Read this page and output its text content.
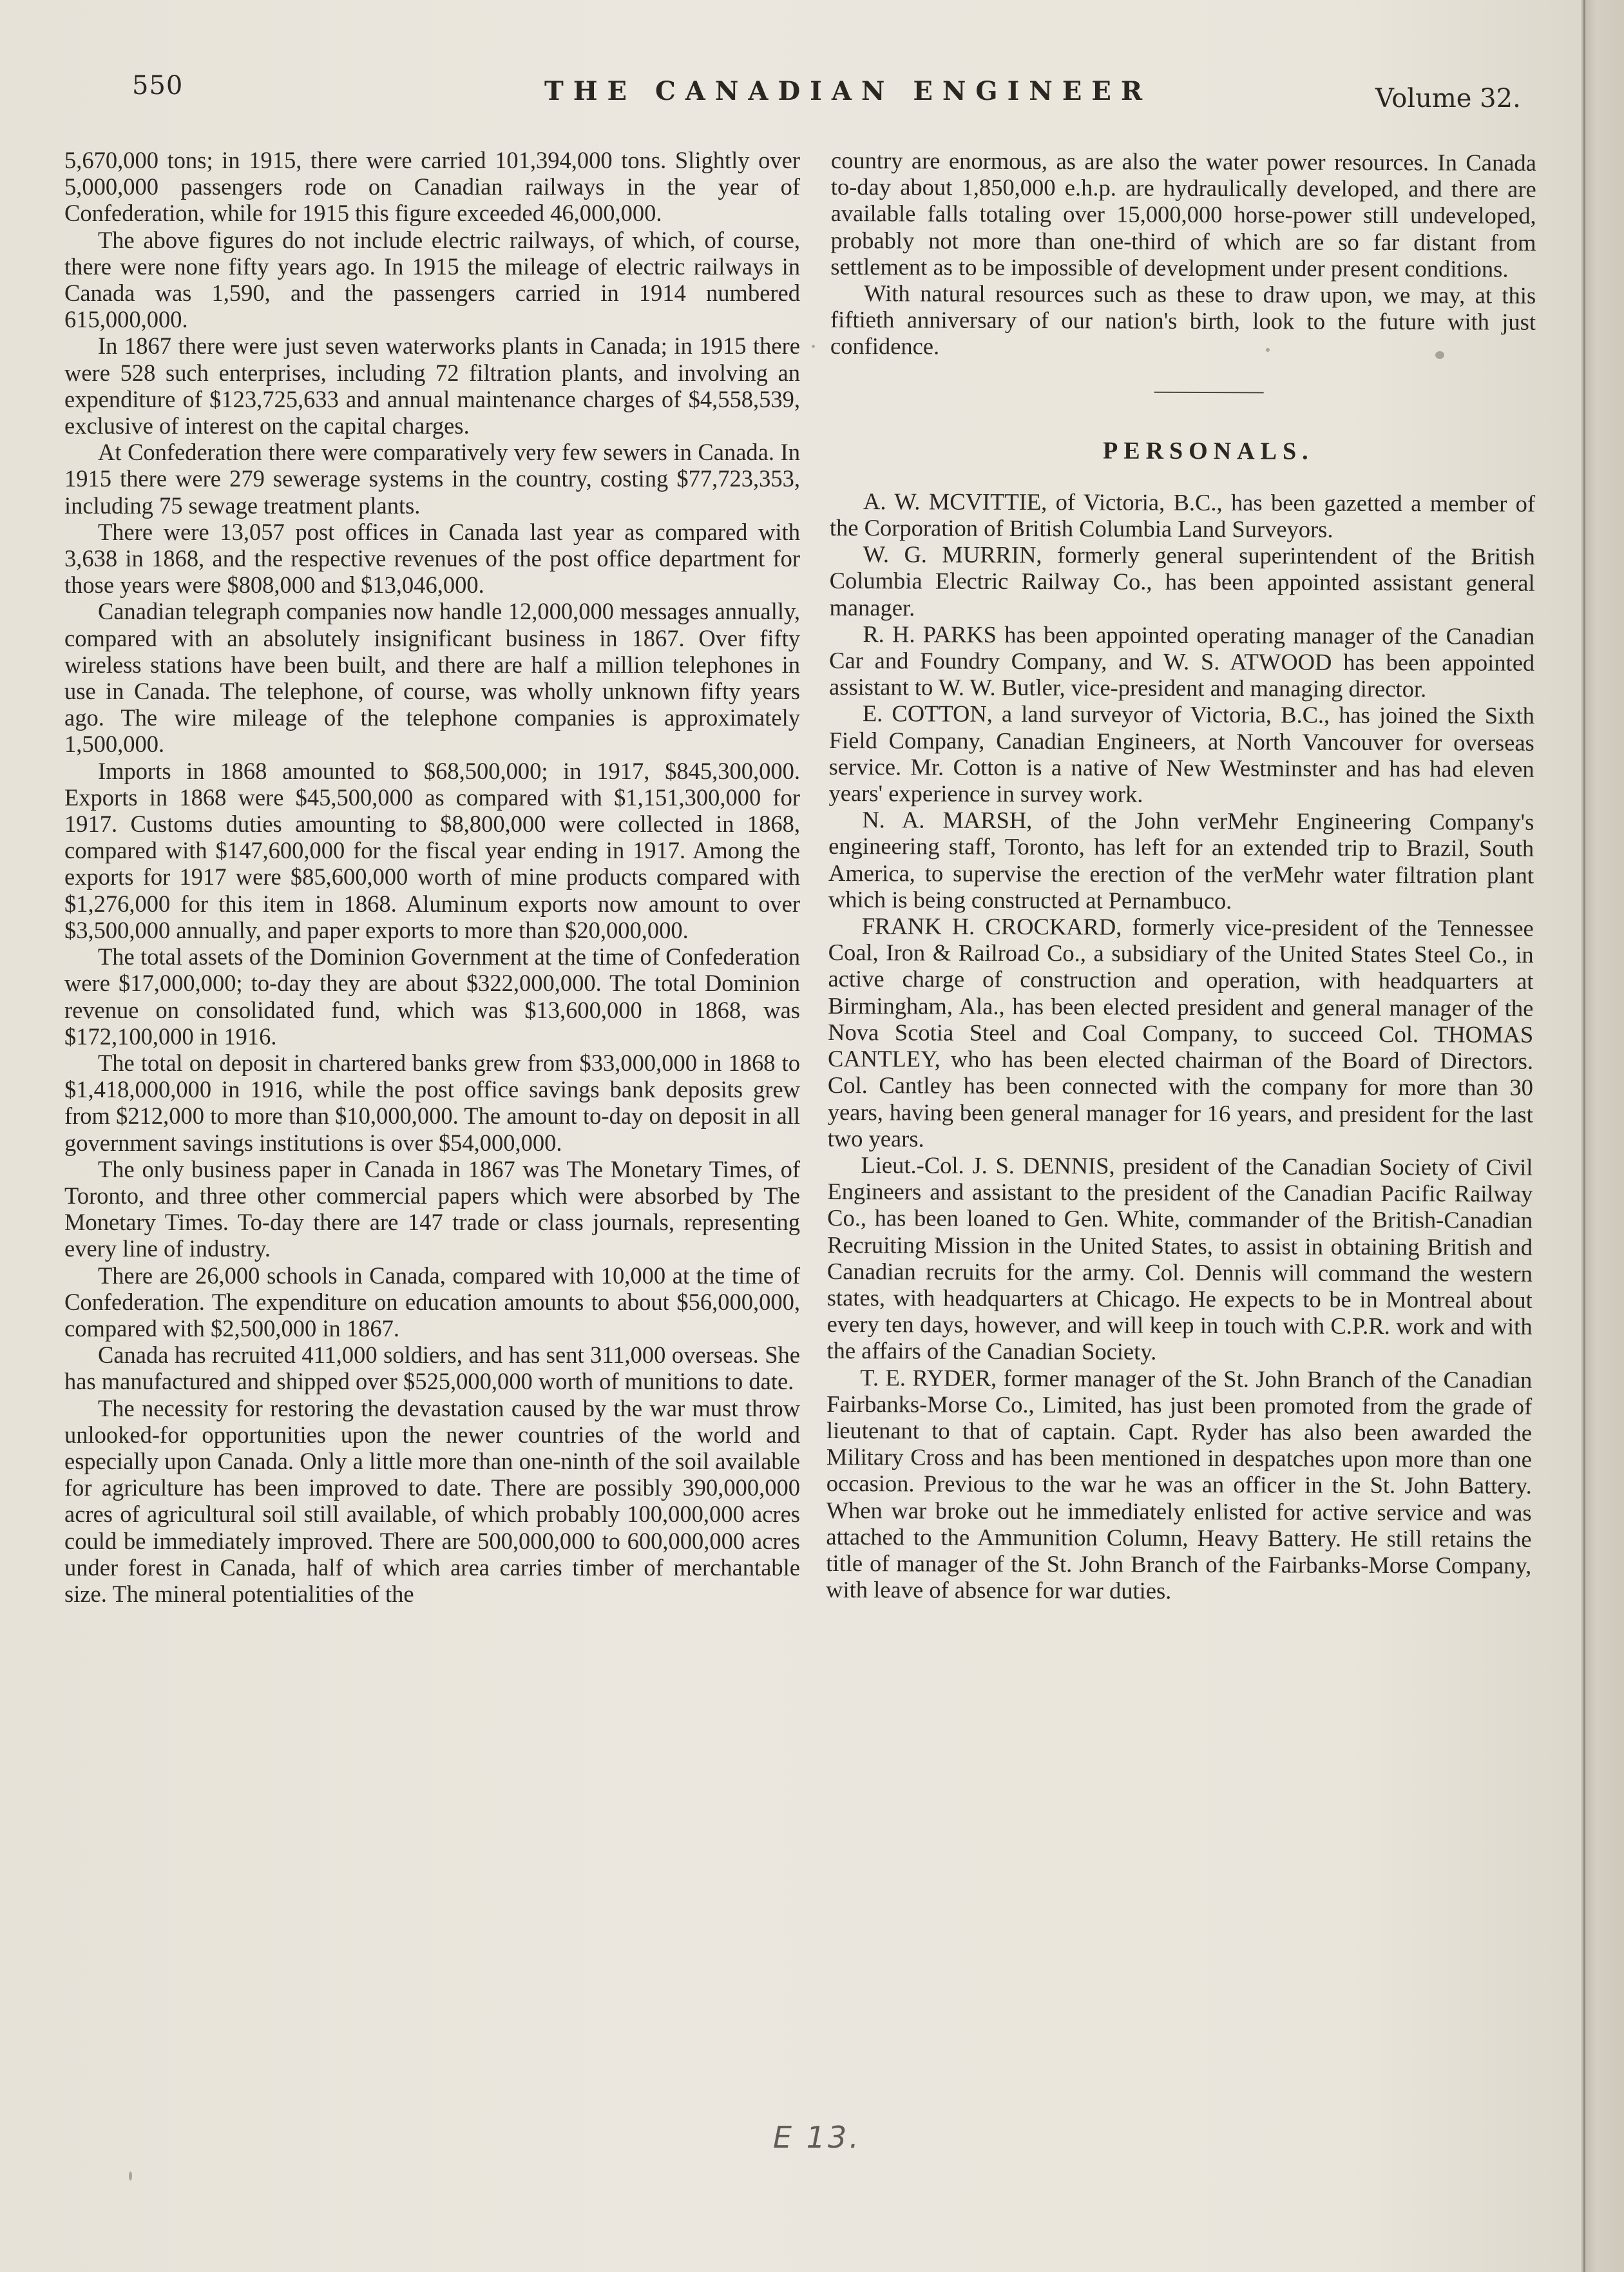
550	THE CANADIAN ENGINEER	Volume 32.

5,670,000 tons; in 1915, there were carried 101,394,000 tons. Slightly over 5,000,000 passengers rode on Canadian railways in the year of Confederation, while for 1915 this figure exceeded 46,000,000.

The above figures do not include electric railways, of which, of course, there were none fifty years ago. In 1915 the mileage of electric railways in Canada was 1,590, and the passengers carried in 1914 numbered 615,000,000.

In 1867 there were just seven waterworks plants in Canada; in 1915 there were 528 such enterprises, including 72 filtration plants, and involving an expenditure of $123,725,633 and annual maintenance charges of $4,558,539, exclusive of interest on the capital charges.

At Confederation there were comparatively very few sewers in Canada. In 1915 there were 279 sewerage systems in the country, costing $77,723,353, including 75 sewage treatment plants.

There were 13,057 post offices in Canada last year as compared with 3,638 in 1868, and the respective revenues of the post office department for those years were $808,000 and $13,046,000.

Canadian telegraph companies now handle 12,000,000 messages annually, compared with an absolutely insignificant business in 1867. Over fifty wireless stations have been built, and there are half a million telephones in use in Canada. The telephone, of course, was wholly unknown fifty years ago. The wire mileage of the telephone companies is approximately 1,500,000.

Imports in 1868 amounted to $68,500,000; in 1917, $845,300,000. Exports in 1868 were $45,500,000 as compared with $1,151,300,000 for 1917. Customs duties amounting to $8,800,000 were collected in 1868, compared with $147,600,000 for the fiscal year ending in 1917. Among the exports for 1917 were $85,600,000 worth of mine products compared with $1,276,000 for this item in 1868. Aluminum exports now amount to over $3,500,000 annually, and paper exports to more than $20,000,000.

The total assets of the Dominion Government at the time of Confederation were $17,000,000; to-day they are about $322,000,000. The total Dominion revenue on consolidated fund, which was $13,600,000 in 1868, was $172,100,000 in 1916.

The total on deposit in chartered banks grew from $33,000,000 in 1868 to $1,418,000,000 in 1916, while the post office savings bank deposits grew from $212,000 to more than $10,000,000. The amount to-day on deposit in all government savings institutions is over $54,000,000.

The only business paper in Canada in 1867 was The Monetary Times, of Toronto, and three other commercial papers which were absorbed by The Monetary Times. To-day there are 147 trade or class journals, representing every line of industry.

There are 26,000 schools in Canada, compared with 10,000 at the time of Confederation. The expenditure on education amounts to about $56,000,000, compared with $2,500,000 in 1867.

Canada has recruited 411,000 soldiers, and has sent 311,000 overseas. She has manufactured and shipped over $525,000,000 worth of munitions to date.

The necessity for restoring the devastation caused by the war must throw unlooked-for opportunities upon the newer countries of the world and especially upon Canada. Only a little more than one-ninth of the soil available for agriculture has been improved to date. There are possibly 390,000,000 acres of agricultural soil still available, of which probably 100,000,000 acres could be immediately improved. There are 500,000,000 to 600,000,000 acres under forest in Canada, half of which area carries timber of merchantable size. The mineral potentialities of the

country are enormous, as are also the water power resources. In Canada to-day about 1,850,000 e.h.p. are hydraulically developed, and there are available falls totaling over 15,000,000 horse-power still undeveloped, probably not more than one-third of which are so far distant from settlement as to be impossible of development under present conditions.

With natural resources such as these to draw upon, we may, at this fiftieth anniversary of our nation's birth, look to the future with just confidence.

PERSONALS.

A. W. MCVITTIE, of Victoria, B.C., has been gazetted a member of the Corporation of British Columbia Land Surveyors.

W. G. MURRIN, formerly general superintendent of the British Columbia Electric Railway Co., has been appointed assistant general manager.

R. H. PARKS has been appointed operating manager of the Canadian Car and Foundry Company, and W. S. ATWOOD has been appointed assistant to W. W. Butler, vice-president and managing director.

E. COTTON, a land surveyor of Victoria, B.C., has joined the Sixth Field Company, Canadian Engineers, at North Vancouver for overseas service. Mr. Cotton is a native of New Westminster and has had eleven years' experience in survey work.

N. A. MARSH, of the John verMehr Engineering Company's engineering staff, Toronto, has left for an extended trip to Brazil, South America, to supervise the erection of the verMehr water filtration plant which is being constructed at Pernambuco.

FRANK H. CROCKARD, formerly vice-president of the Tennessee Coal, Iron & Railroad Co., a subsidiary of the United States Steel Co., in active charge of construction and operation, with headquarters at Birmingham, Ala., has been elected president and general manager of the Nova Scotia Steel and Coal Company, to succeed Col. THOMAS CANTLEY, who has been elected chairman of the Board of Directors. Col. Cantley has been connected with the company for more than 30 years, having been general manager for 16 years, and president for the last two years.

Lieut.-Col. J. S. DENNIS, president of the Canadian Society of Civil Engineers and assistant to the president of the Canadian Pacific Railway Co., has been loaned to Gen. White, commander of the British-Canadian Recruiting Mission in the United States, to assist in obtaining British and Canadian recruits for the army. Col. Dennis will command the western states, with headquarters at Chicago. He expects to be in Montreal about every ten days, however, and will keep in touch with C.P.R. work and with the affairs of the Canadian Society.

T. E. RYDER, former manager of the St. John Branch of the Canadian Fairbanks-Morse Co., Limited, has just been promoted from the grade of lieutenant to that of captain. Capt. Ryder has also been awarded the Military Cross and has been mentioned in despatches upon more than one occasion. Previous to the war he was an officer in the St. John Battery. When war broke out he immediately enlisted for active service and was attached to the Ammunition Column, Heavy Battery. He still retains the title of manager of the St. John Branch of the Fairbanks-Morse Company, with leave of absence for war duties.

E 13.
